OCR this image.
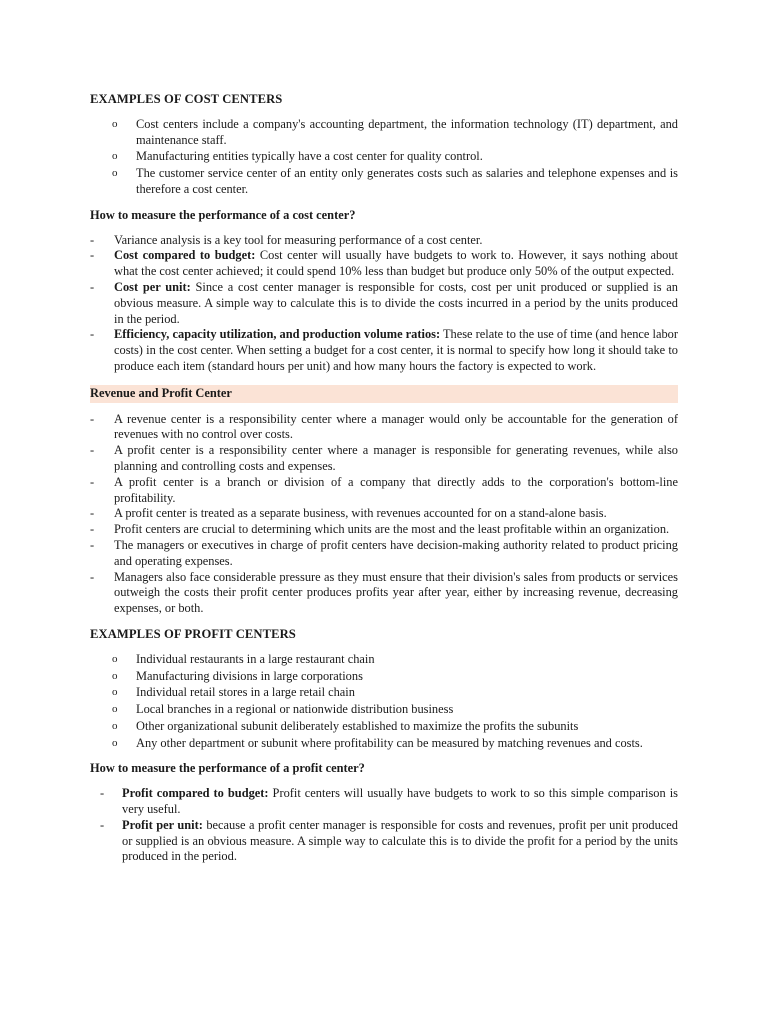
EXAMPLES OF COST CENTERS
o Cost centers include a company's accounting department, the information technology (IT) department, and maintenance staff.
o Manufacturing entities typically have a cost center for quality control.
o The customer service center of an entity only generates costs such as salaries and telephone expenses and is therefore a cost center.
How to measure the performance of a cost center?
- Variance analysis is a key tool for measuring performance of a cost center.
- Cost compared to budget: Cost center will usually have budgets to work to. However, it says nothing about what the cost center achieved; it could spend 10% less than budget but produce only 50% of the output expected.
- Cost per unit: Since a cost center manager is responsible for costs, cost per unit produced or supplied is an obvious measure. A simple way to calculate this is to divide the costs incurred in a period by the units produced in the period.
- Efficiency, capacity utilization, and production volume ratios: These relate to the use of time (and hence labor costs) in the cost center. When setting a budget for a cost center, it is normal to specify how long it should take to produce each item (standard hours per unit) and how many hours the factory is expected to work.
Revenue and Profit Center
- A revenue center is a responsibility center where a manager would only be accountable for the generation of revenues with no control over costs.
- A profit center is a responsibility center where a manager is responsible for generating revenues, while also planning and controlling costs and expenses.
- A profit center is a branch or division of a company that directly adds to the corporation's bottom-line profitability.
- A profit center is treated as a separate business, with revenues accounted for on a stand-alone basis.
- Profit centers are crucial to determining which units are the most and the least profitable within an organization.
- The managers or executives in charge of profit centers have decision-making authority related to product pricing and operating expenses.
- Managers also face considerable pressure as they must ensure that their division's sales from products or services outweigh the costs their profit center produces profits year after year, either by increasing revenue, decreasing expenses, or both.
EXAMPLES OF PROFIT CENTERS
o Individual restaurants in a large restaurant chain
o Manufacturing divisions in large corporations
o Individual retail stores in a large retail chain
o Local branches in a regional or nationwide distribution business
o Other organizational subunit deliberately established to maximize the profits the subunits
o Any other department or subunit where profitability can be measured by matching revenues and costs.
How to measure the performance of a profit center?
- Profit compared to budget: Profit centers will usually have budgets to work to so this simple comparison is very useful.
- Profit per unit: because a profit center manager is responsible for costs and revenues, profit per unit produced or supplied is an obvious measure. A simple way to calculate this is to divide the profit for a period by the units produced in the period.
